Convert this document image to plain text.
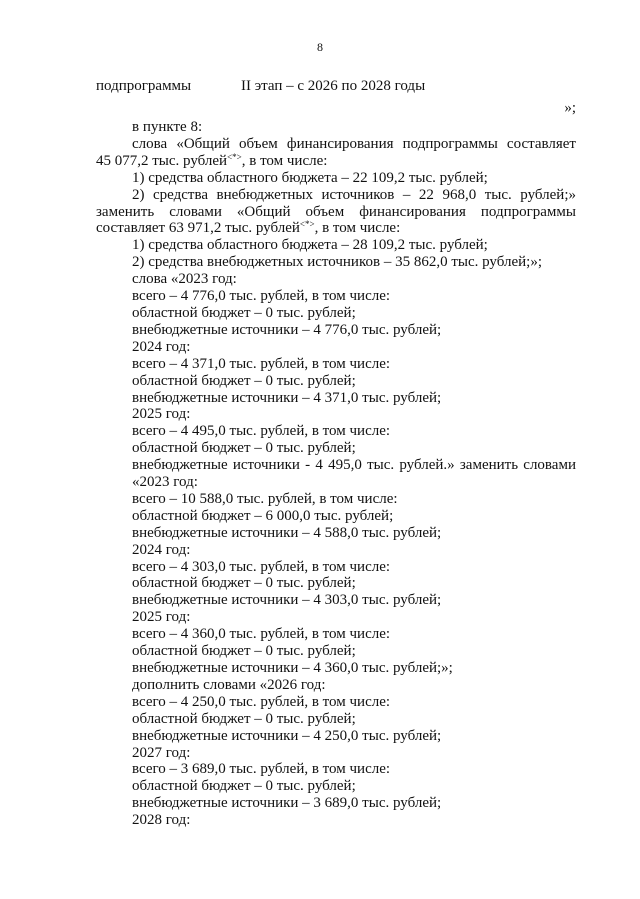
8
подпрограммы	II этап – с 2026 по 2028 годы
»;
в пункте 8:
слова «Общий объем финансирования подпрограммы составляет
45 077,2 тыс. рублей<*>, в том числе:
1) средства областного бюджета – 22 109,2 тыс. рублей;
2) средства внебюджетных источников – 22 968,0 тыс. рублей;»
заменить словами «Общий объем финансирования подпрограммы
составляет 63 971,2 тыс. рублей<*>, в том числе:
1) средства областного бюджета – 28 109,2 тыс. рублей;
2) средства внебюджетных источников – 35 862,0 тыс. рублей;»;
слова «2023 год:
всего – 4 776,0 тыс. рублей, в том числе:
областной бюджет – 0 тыс. рублей;
внебюджетные источники – 4 776,0 тыс. рублей;
2024 год:
всего – 4 371,0 тыс. рублей, в том числе:
областной бюджет – 0 тыс. рублей;
внебюджетные источники – 4 371,0 тыс. рублей;
2025 год:
всего – 4 495,0 тыс. рублей, в том числе:
областной бюджет – 0 тыс. рублей;
внебюджетные источники - 4 495,0 тыс. рублей.» заменить словами
«2023 год:
всего – 10 588,0 тыс. рублей, в том числе:
областной бюджет – 6 000,0 тыс. рублей;
внебюджетные источники – 4 588,0 тыс. рублей;
2024 год:
всего – 4 303,0 тыс. рублей, в том числе:
областной бюджет – 0 тыс. рублей;
внебюджетные источники – 4 303,0 тыс. рублей;
2025 год:
всего – 4 360,0 тыс. рублей, в том числе:
областной бюджет – 0 тыс. рублей;
внебюджетные источники – 4 360,0 тыс. рублей;»;
дополнить словами «2026 год:
всего – 4 250,0 тыс. рублей, в том числе:
областной бюджет – 0 тыс. рублей;
внебюджетные источники – 4 250,0 тыс. рублей;
2027 год:
всего – 3 689,0 тыс. рублей, в том числе:
областной бюджет – 0 тыс. рублей;
внебюджетные источники – 3 689,0 тыс. рублей;
2028 год:
